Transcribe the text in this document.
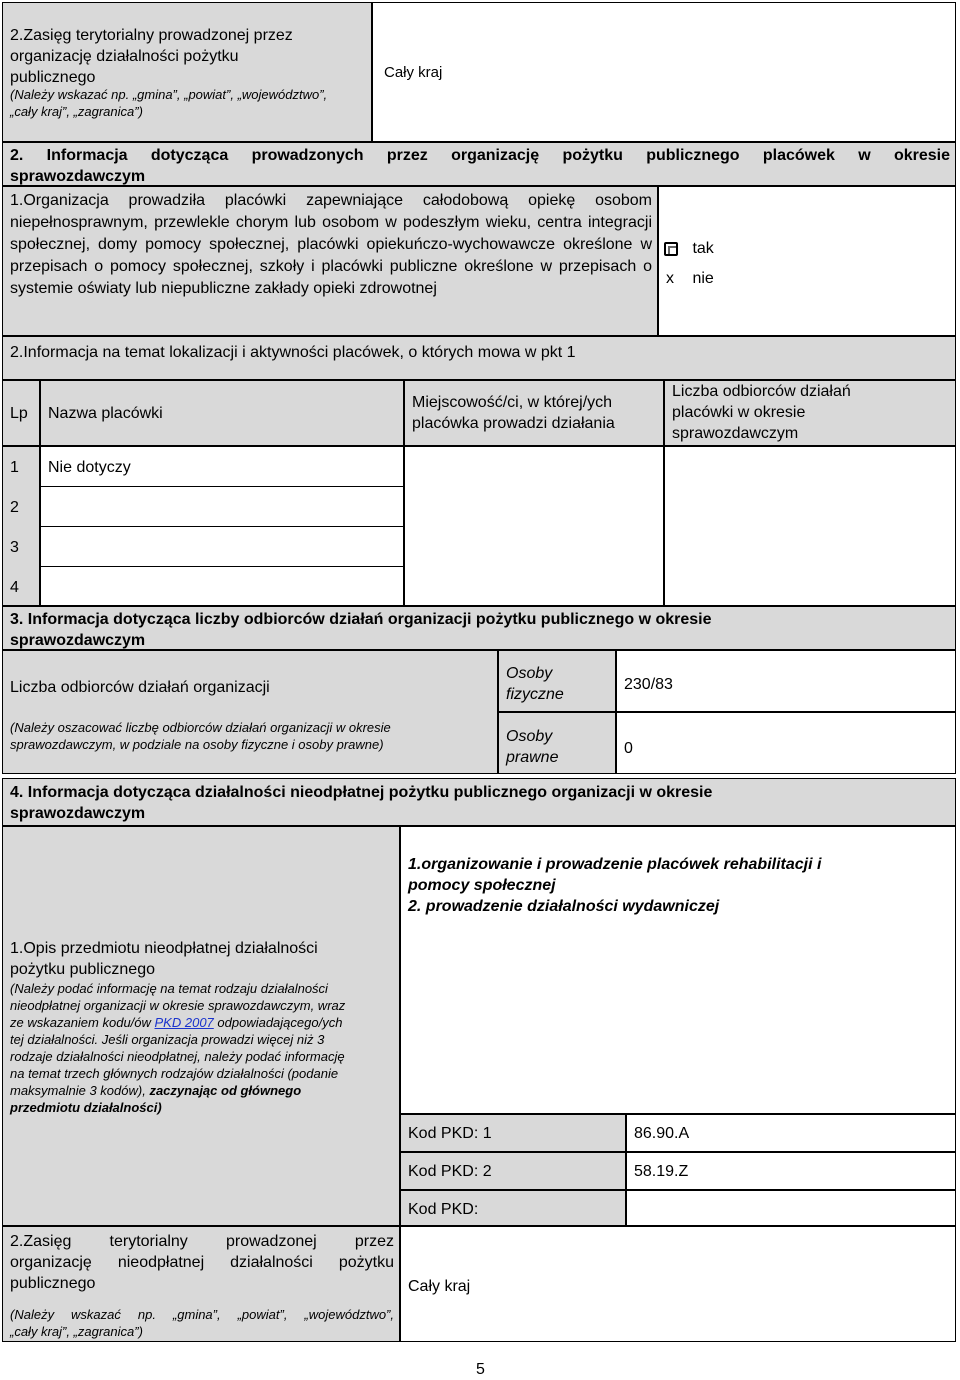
2.Zasięg terytorialny prowadzonej przez
organizację działalności pożytku
publicznego
(Należy wskazać np. „gmina”, „powiat”, „województwo”,
„cały kraj”, „zagranica”)
Cały kraj
2. Informacja dotycząca prowadzonych przez organizację pożytku publicznego placówek w okresie
sprawozdawczym
1.Organizacja prowadziła placówki zapewniające całodobową opiekę osobom niepełnosprawnym, przewlekle chorym lub osobom w podeszłym wieku, centra integracji społecznej, domy pomocy społecznej, placówki opiekuńczo-wychowawcze określone w przepisach o pomocy społecznej, szkoły i placówki publiczne określone w przepisach o systemie oświaty lub niepubliczne zakłady opieki zdrowotnej
tak
x nie
2.Informacja na temat lokalizacji i aktywności placówek, o których mowa w pkt 1
Lp Nazwa placówki
Miejscowość/ci, w której/ych
placówka prowadzi działania
Liczba odbiorców działań
placówki w okresie
sprawozdawczym
1 Nie dotyczy
2
3
4
3. Informacja dotycząca liczby odbiorców działań organizacji pożytku publicznego w okresie
sprawozdawczym
Liczba odbiorców działań organizacji
(Należy oszacować liczbę odbiorców działań organizacji w okresie
sprawozdawczym, w podziale na osoby fizyczne i osoby prawne)
Osoby
fizyczne
230/83
Osoby
prawne
0
4. Informacja dotycząca działalności nieodpłatnej pożytku publicznego organizacji w okresie
sprawozdawczym
1.organizowanie i prowadzenie placówek rehabilitacji i
pomocy społecznej
2. prowadzenie działalności wydawniczej
1.Opis przedmiotu nieodpłatnej działalności
pożytku publicznego
(Należy podać informację na temat rodzaju działalności
nieodpłatnej organizacji w okresie sprawozdawczym, wraz
ze wskazaniem kodu/ów PKD 2007 odpowiadającego/ych
tej działalności. Jeśli organizacja prowadzi więcej niż 3
rodzaje działalności nieodpłatnej, należy podać informację
na temat trzech głównych rodzajów działalności (podanie
maksymalnie 3 kodów), zaczynając od głównego
przedmiotu działalności)
Kod PKD: 1	86.90.A
Kod PKD: 2	58.19.Z
Kod PKD:
2.Zasięg terytorialny prowadzonej przez
organizację nieodpłatnej działalności pożytku
publicznego
(Należy wskazać np. „gmina”, „powiat”, „województwo”,
„cały kraj”, „zagranica”)
Cały kraj
5
